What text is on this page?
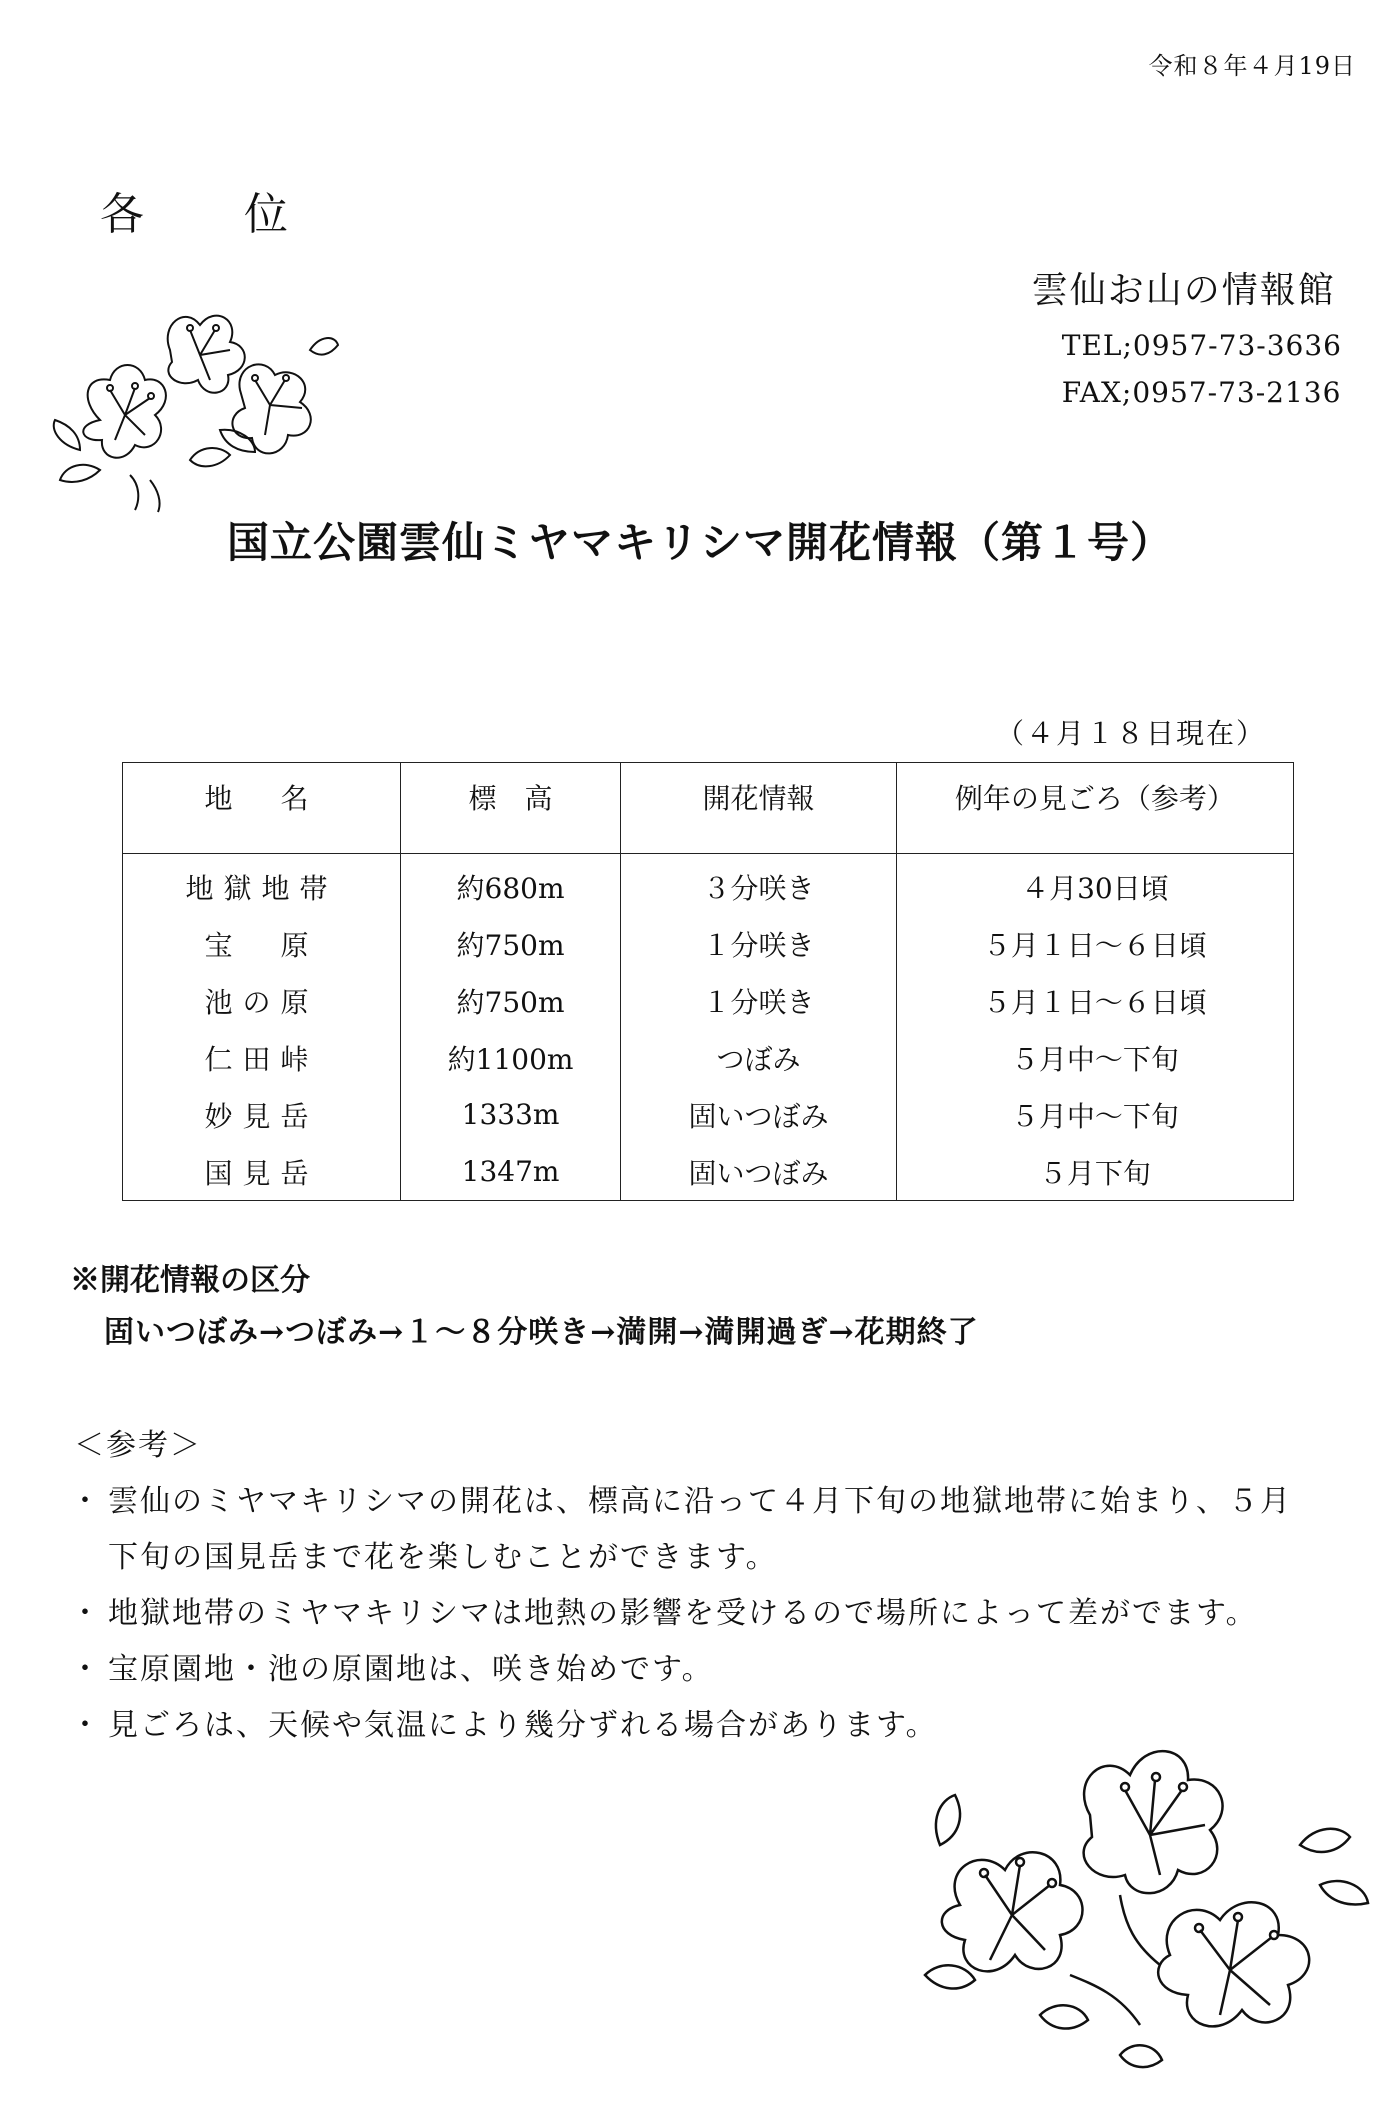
令和８年４月19日
各 位
雲仙お山の情報館
TEL;0957-73-3636
FAX;0957-73-2136
国立公園雲仙ミヤマキリシマ開花情報（第１号）
（４月１８日現在）
地　名	標　高	開花情報	例年の見ごろ（参考）
地獄地帯	約680m	３分咲き	４月30日頃
宝　原	約750m	１分咲き	５月１日～６日頃
池の原	約750m	１分咲き	５月１日～６日頃
仁田峠	約1100m	つぼみ	５月中～下旬
妙見岳	1333m	固いつぼみ	５月中～下旬
国見岳	1347m	固いつぼみ	５月下旬
※開花情報の区分
固いつぼみ→つぼみ→１～８分咲き→満開→満開過ぎ→花期終了
＜参考＞
・ 雲仙のミヤマキリシマの開花は、標高に沿って４月下旬の地獄地帯に始まり、５月
下旬の国見岳まで花を楽しむことができます。
・ 地獄地帯のミヤマキリシマは地熱の影響を受けるので場所によって差がでます。
・ 宝原園地・池の原園地は、咲き始めです。
・ 見ごろは、天候や気温により幾分ずれる場合があります。
